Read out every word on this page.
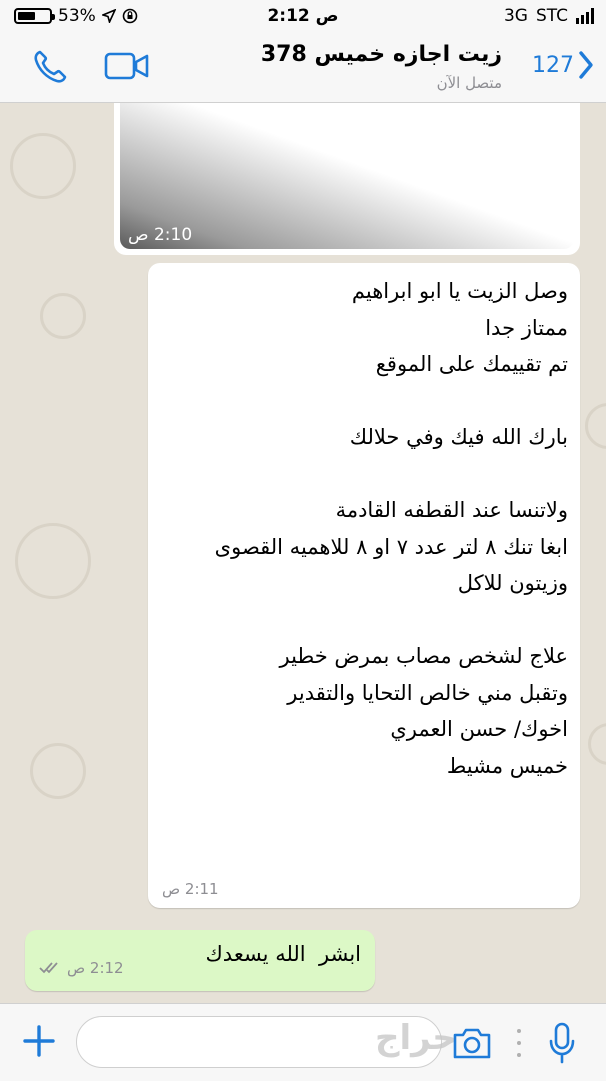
53%	2:12 ص	3G STC
زيت اجازه خميس 378
متصل الآن
127
2:10 ص
وصل الزيت يا ابو ابراهيم
ممتاز جدا
تم تقييمك على الموقع

بارك الله فيك وفي حلالك

ولاتنسا عند القطفه القادمة
ابغا تنك ٨ لتر عدد ٧ او ٨ للاهميه القصوى
وزيتون للاكل

علاج لشخص مصاب بمرض خطير
وتقبل مني خالص التحايا والتقدير
اخوك/ حسن العمري
خميس مشيط
2:11 ص
ابشر  الله يسعدك
2:12 ص
حراج
